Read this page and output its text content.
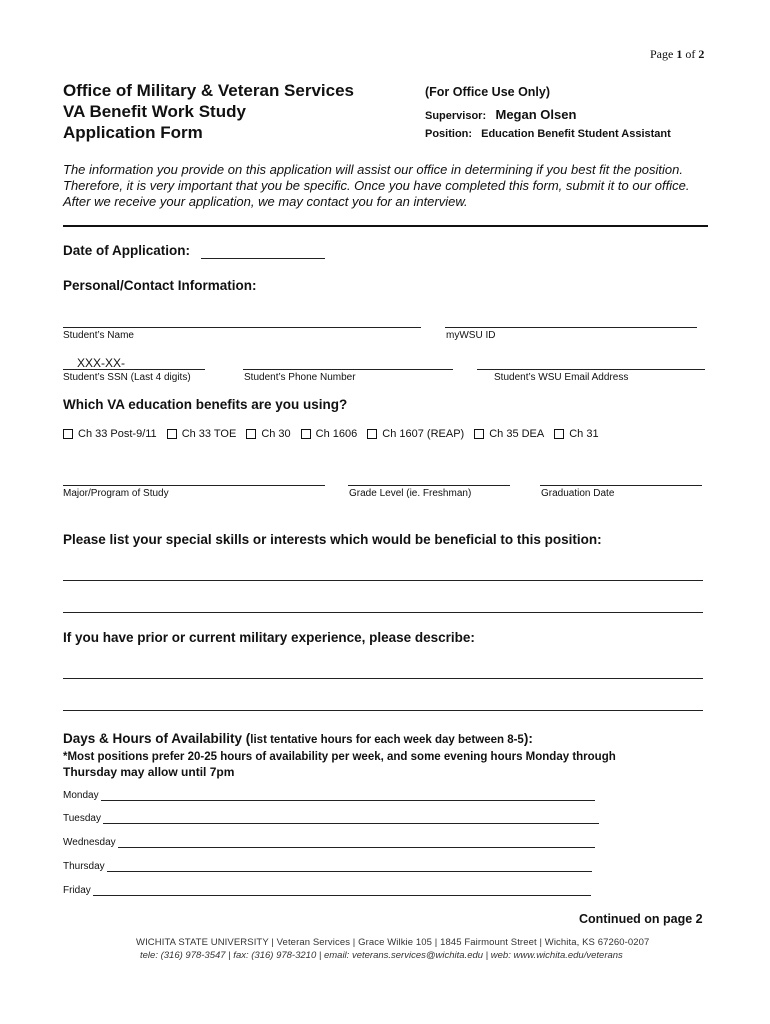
Page 1 of 2
Office of Military & Veteran Services
VA Benefit Work Study
Application Form
(For Office Use Only)
Supervisor: Megan Olsen
Position: Education Benefit Student Assistant
The information you provide on this application will assist our office in determining if you best fit the position. Therefore, it is very important that you be specific. Once you have completed this form, submit it to our office. After we receive your application, we may contact you for an interview.
Date of Application:
Personal/Contact Information:
Student’s Name	myWSU ID
XXX-XX-
Student’s SSN (Last 4 digits)	Student’s Phone Number	Student’s WSU Email Address
Which VA education benefits are you using?
Ch 33 Post-9/11 Ch 33 TOE Ch 30 Ch 1606 Ch 1607 (REAP) Ch 35 DEA Ch 31
Major/Program of Study	Grade Level (ie. Freshman)	Graduation Date
Please list your special skills or interests which would be beneficial to this position:
If you have prior or current military experience, please describe:
Days & Hours of Availability (list tentative hours for each week day between 8-5):
*Most positions prefer 20-25 hours of availability per week, and some evening hours Monday through
Thursday may allow until 7pm
Monday
Tuesday
Wednesday
Thursday
Friday
Continued on page 2
WICHITA STATE UNIVERSITY | Veteran Services | Grace Wilkie 105 | 1845 Fairmount Street | Wichita, KS 67260-0207
tele: (316) 978-3547 | fax: (316) 978-3210 | email: veterans.services@wichita.edu | web: www.wichita.edu/veterans
